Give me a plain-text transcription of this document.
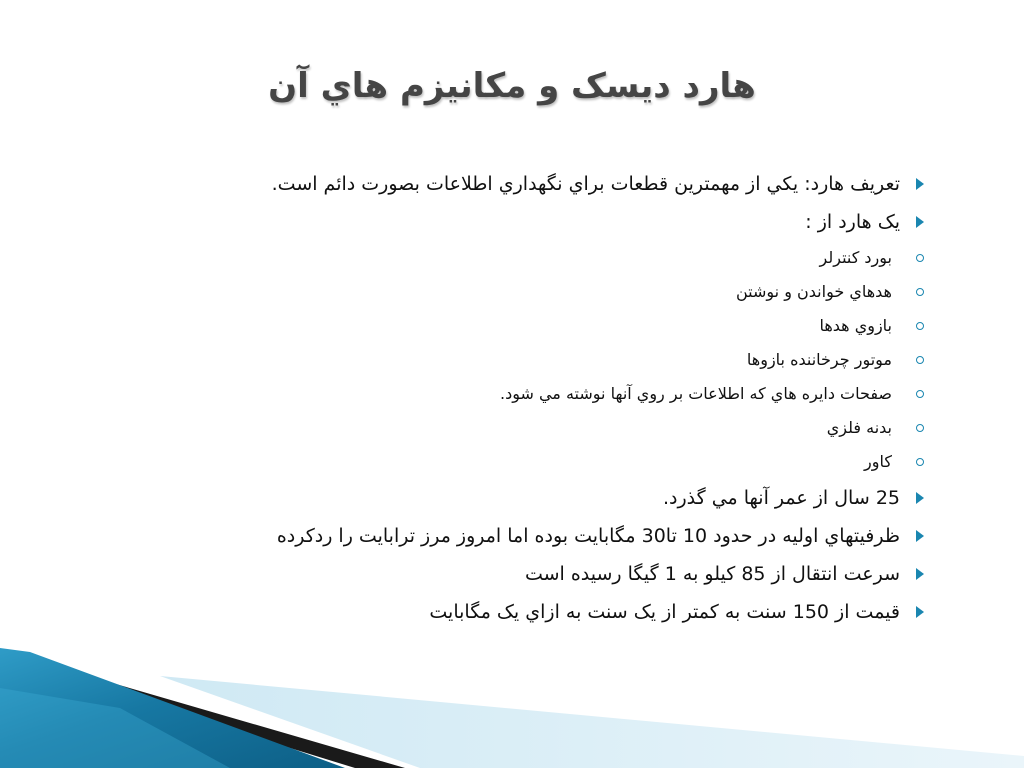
هارد دیسک و مکانیزم هاي آن
تعریف هارد: يكي از مهمترین قطعات براي نگهداري اطلاعات بصورت دائم است.
یک هارد از :
بورد کنترلر
هدهاي خواندن و نوشتن
بازوي هدها
موتور چرخاننده بازوها
صفحات دايره هاي كه اطلاعات بر روي آنها نوشته مي شود.
بدنه فلزي
کاور
25 سال از عمر آنها مي گذرد.
ظرفیتهاي اولیه در حدود 10 تا30 مگابایت بوده اما امروز مرز ترابایت را ردکرده
سرعت انتقال از 85 کیلو به 1 گیگا رسیده است
قیمت از 150 سنت به کمتر از یک سنت به ازاي یک مگابایت
